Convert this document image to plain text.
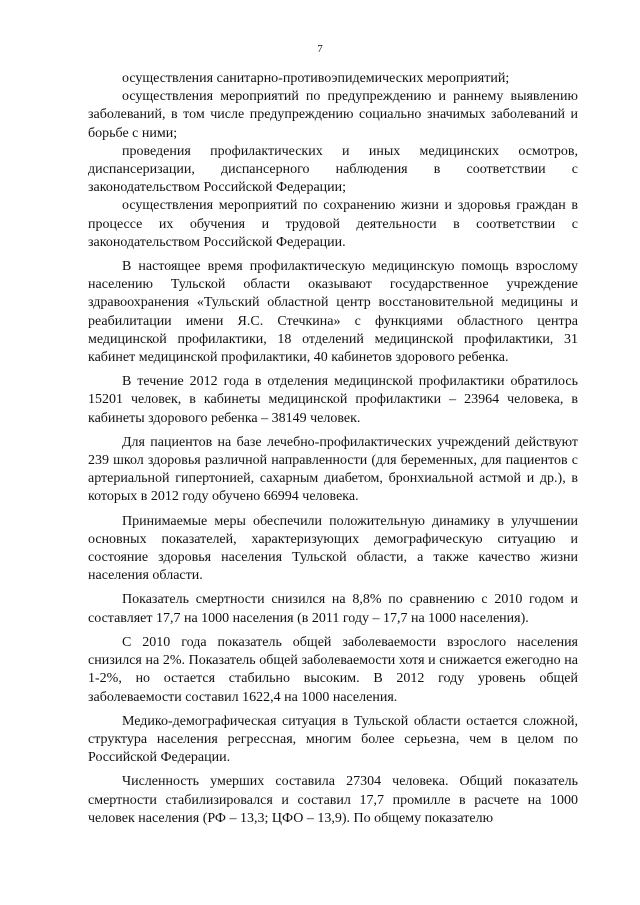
7

осуществления санитарно-противоэпидемических мероприятий;

осуществления мероприятий по предупреждению и раннему выявлению заболеваний, в том числе предупреждению социально значимых заболеваний и борьбе с ними;

проведения профилактических и иных медицинских осмотров, диспансеризации, диспансерного наблюдения в соответствии с законодательством Российской Федерации;

осуществления мероприятий по сохранению жизни и здоровья граждан в процессе их обучения и трудовой деятельности в соответствии с законодательством Российской Федерации.

В настоящее время профилактическую медицинскую помощь взрослому населению Тульской области оказывают государственное учреждение здравоохранения «Тульский областной центр восстановительной медицины и реабилитации имени Я.С. Стечкина» с функциями областного центра медицинской профилактики, 18 отделений медицинской профилактики, 31 кабинет медицинской профилактики, 40 кабинетов здорового ребенка.

В течение 2012 года в отделения медицинской профилактики обратилось 15201 человек, в кабинеты медицинской профилактики – 23964 человека, в кабинеты здорового ребенка – 38149 человек.

Для пациентов на базе лечебно-профилактических учреждений действуют 239 школ здоровья различной направленности (для беременных, для пациентов с артериальной гипертонией, сахарным диабетом, бронхиальной астмой и др.), в которых в 2012 году обучено 66994 человека.

Принимаемые меры обеспечили положительную динамику в улучшении основных показателей, характеризующих демографическую ситуацию и состояние здоровья населения Тульской области, а также качество жизни населения области.

Показатель смертности снизился на 8,8% по сравнению с 2010 годом и составляет 17,7 на 1000 населения (в 2011 году – 17,7 на 1000 населения).

С 2010 года показатель общей заболеваемости взрослого населения снизился на 2%. Показатель общей заболеваемости хотя и снижается ежегодно на 1-2%, но остается стабильно высоким. В 2012 году уровень общей заболеваемости составил 1622,4 на 1000 населения.

Медико-демографическая ситуация в Тульской области остается сложной, структура населения регрессная, многим более серьезна, чем в целом по Российской Федерации.

Численность умерших составила 27304 человека. Общий показатель смертности стабилизировался и составил 17,7 промилле в расчете на 1000 человек населения (РФ – 13,3; ЦФО – 13,9). По общему показателю
